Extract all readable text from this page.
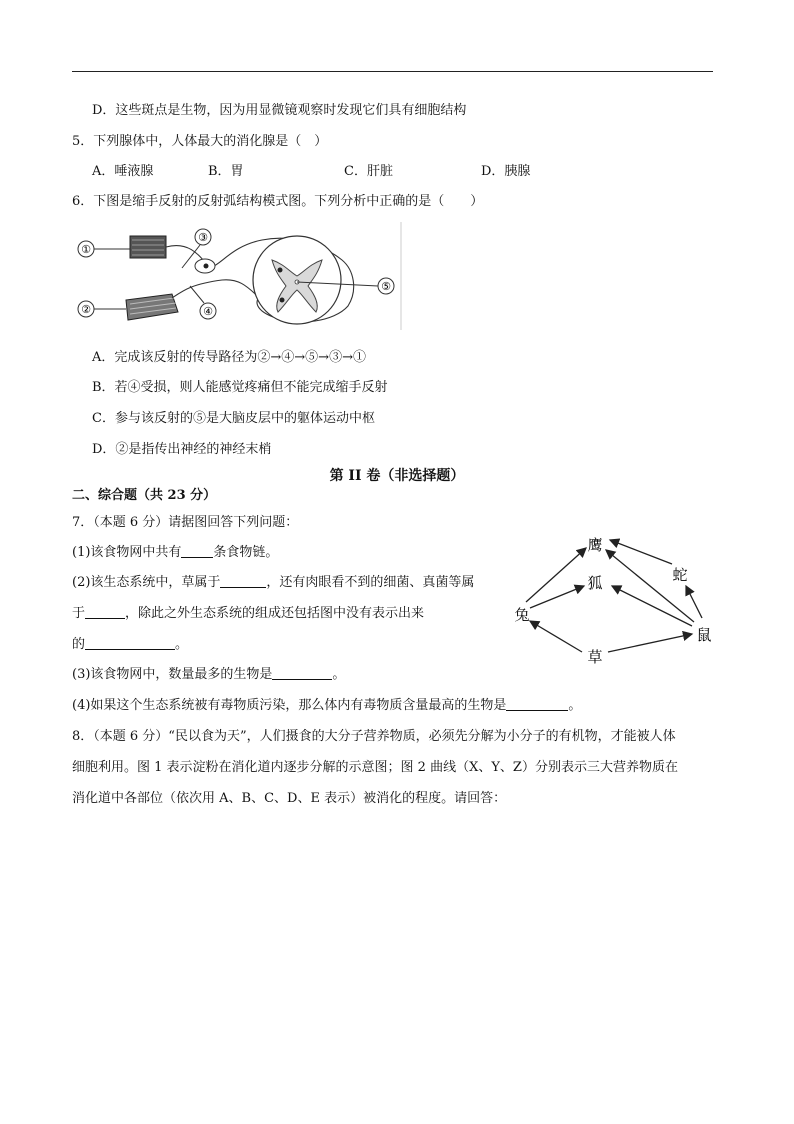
D．这些斑点是生物，因为用显微镜观察时发现它们具有细胞结构
5．下列腺体中，人体最大的消化腺是（　）
A．唾液腺	B．胃	C．肝脏	D．胰腺
6．下图是缩手反射的反射弧结构模式图。下列分析中正确的是（　　）
①
②
③
④
⑤
A．完成该反射的传导路径为②→④→⑤→③→①
B．若④受损，则人能感觉疼痛但不能完成缩手反射
C．参与该反射的⑤是大脑皮层中的躯体运动中枢
D．②是指传出神经的神经末梢
第 II 卷（非选择题）
二、综合题（共 23 分）
7．（本题 6 分）请据图回答下列问题：
(1)该食物网中共有 条食物链。
(2)该生态系统中，草属于	，还有肉眼看不到的细菌、真菌等属
于	，除此之外生态系统的组成还包括图中没有表示出来
的	。
(3)该食物网中，数量最多的生物是	。
(4)如果这个生态系统被有毒物质污染，那么体内有毒物质含量最高的生物是	。
鹰
狐	蛇
兔
鼠
草
8．（本题 6 分）“民以食为天”，人们摄食的大分子营养物质，必须先分解为小分子的有机物，才能被人体
细胞利用。图 1 表示淀粉在消化道内逐步分解的示意图；图 2 曲线（X、Y、Z）分别表示三大营养物质在
消化道中各部位（依次用 A、B、C、D、E 表示）被消化的程度。请回答：
